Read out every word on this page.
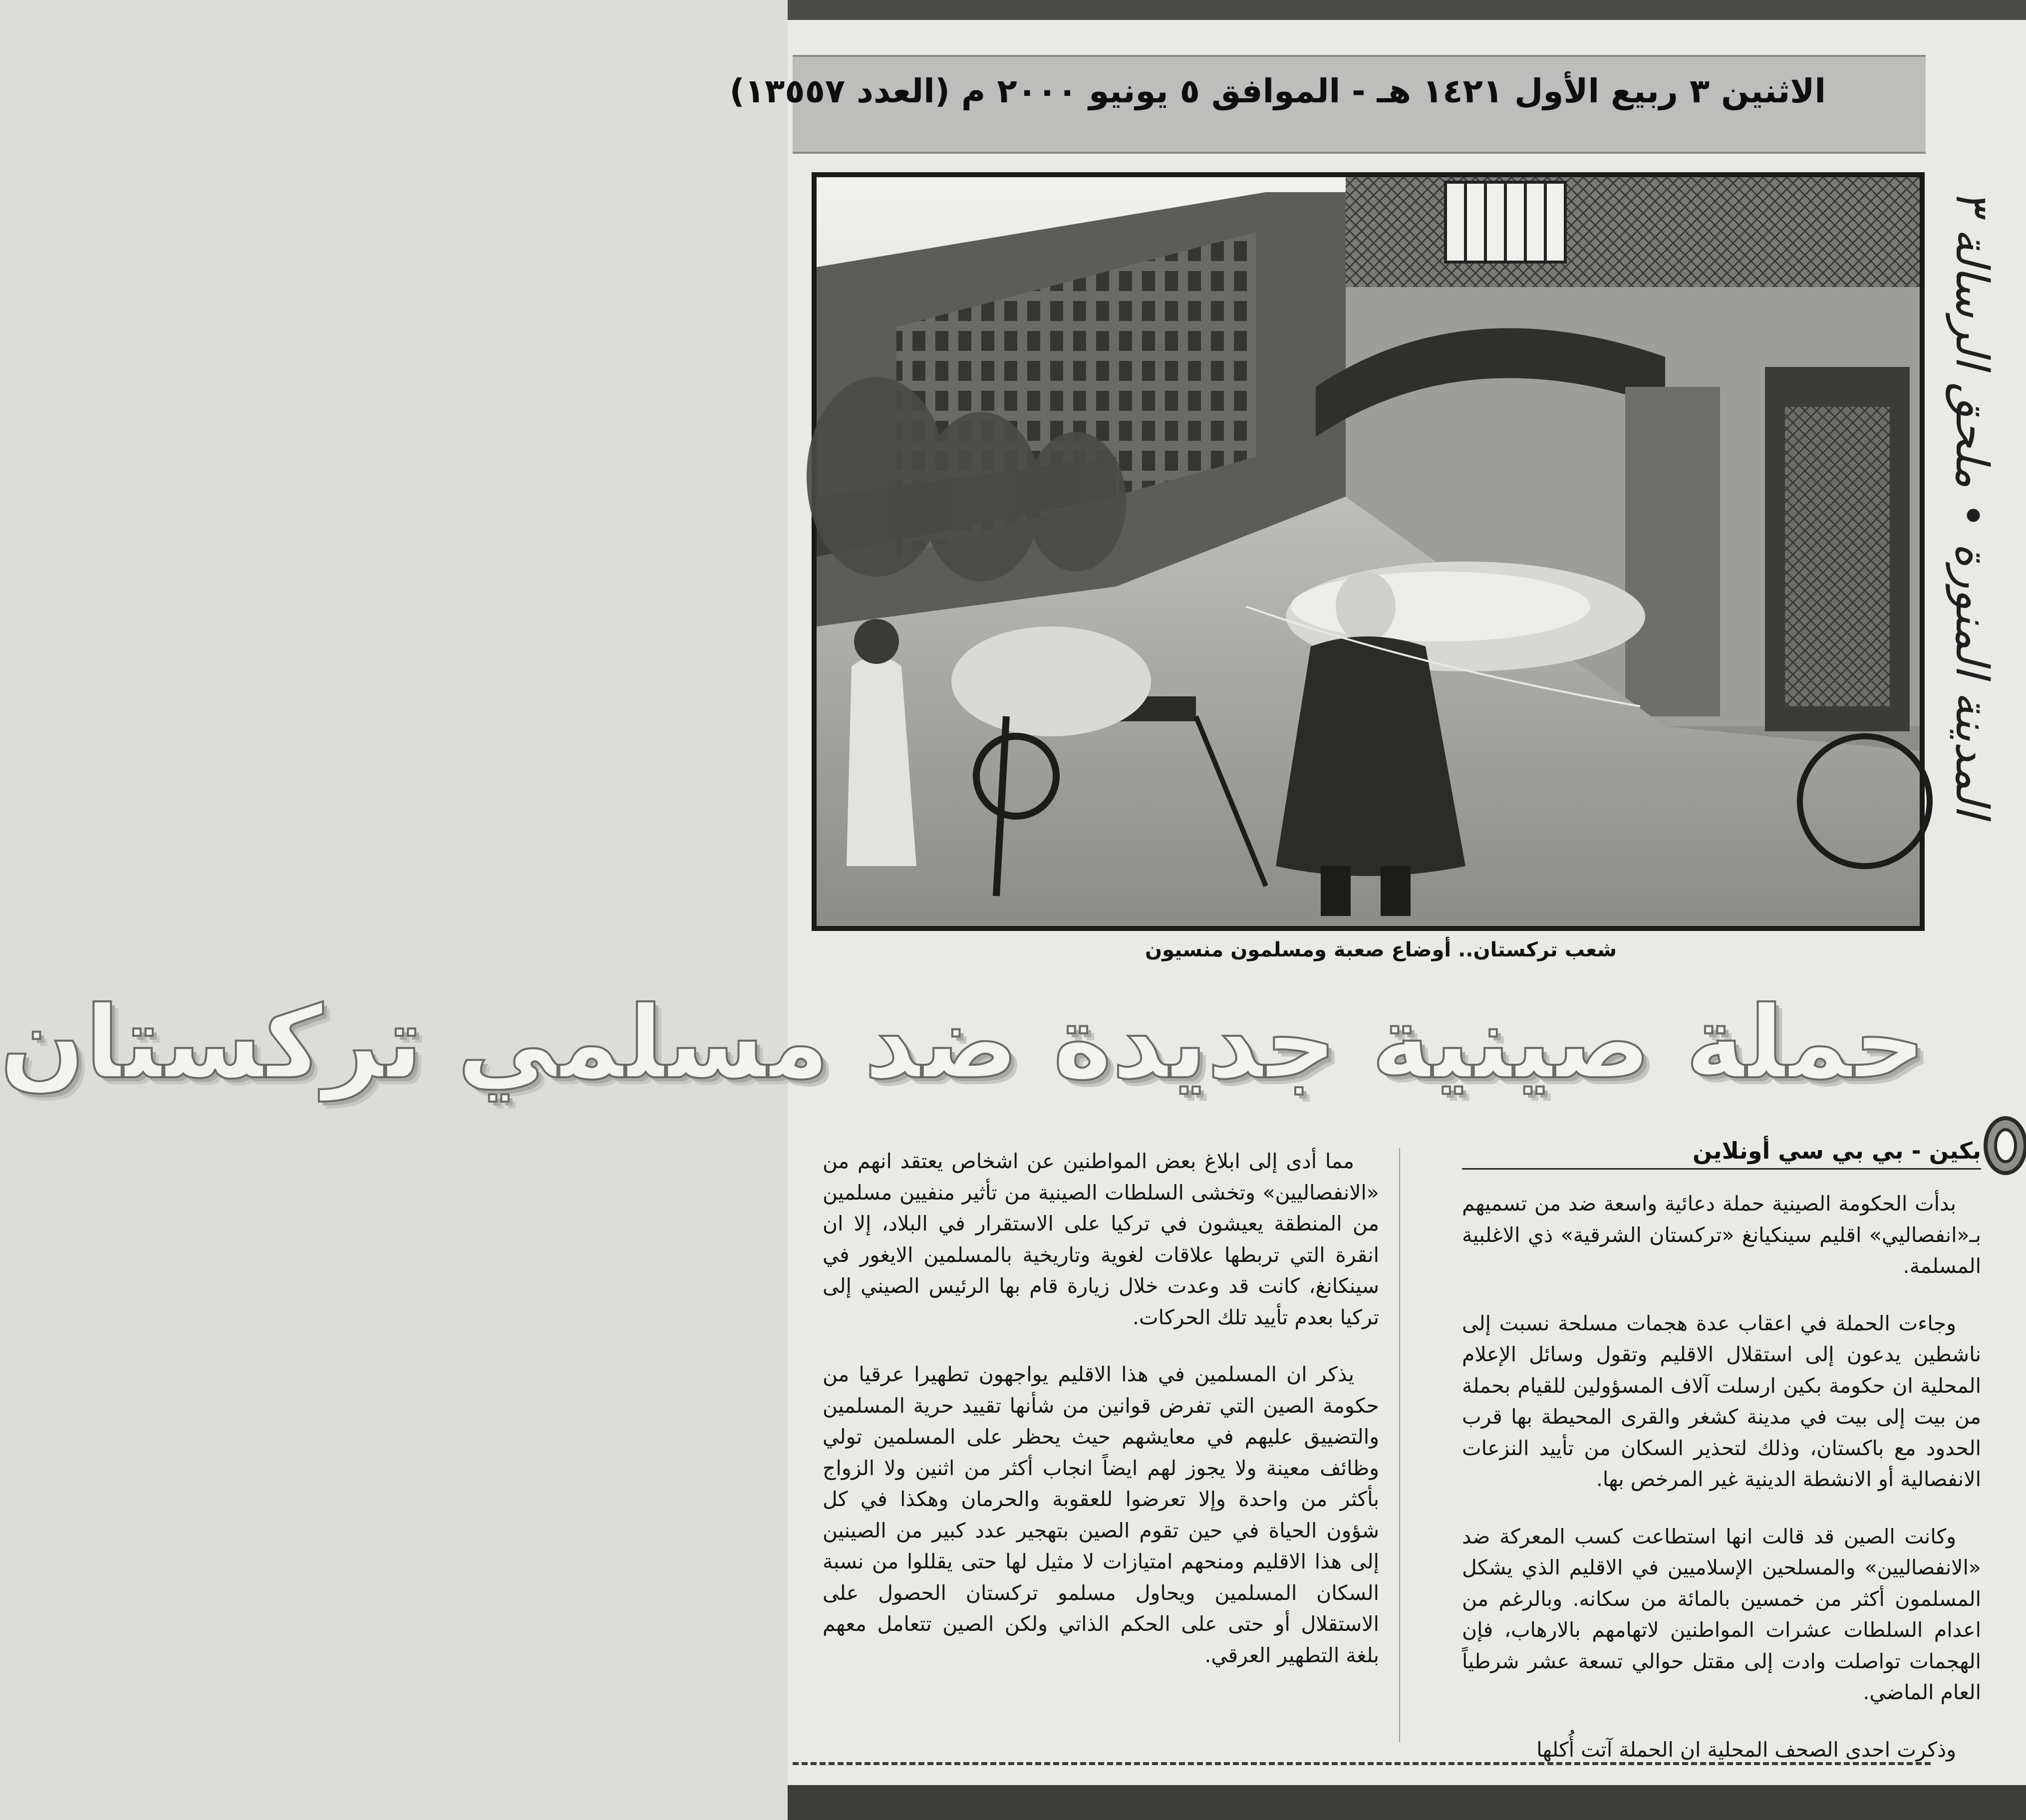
الاثنين ٣ ربيع الأول ١٤٢١ هـ - الموافق ٥ يونيو ٢٠٠٠ م (العدد ١٣٥٥٧)
شعب تركستان.. أوضاع صعبة ومسلمون منسيون
حملة صينية جديدة ضد مسلمي تركستان
بكين - بي بي سي أونلاين

بدأت الحكومة الصينية حملة دعائية واسعة ضد من تسميهم بـ«انفصاليي» اقليم سينكيانغ «تركستان الشرقية» ذي الاغلبية المسلمة.

وجاءت الحملة في اعقاب عدة هجمات مسلحة نسبت إلى ناشطين يدعون إلى استقلال الاقليم وتقول وسائل الإعلام المحلية ان حكومة بكين ارسلت آلاف المسؤولين للقيام بحملة من بيت إلى بيت في مدينة كشغر والقرى المحيطة بها قرب الحدود مع باكستان، وذلك لتحذير السكان من تأييد النزعات الانفصالية أو الانشطة الدينية غير المرخص بها.

وكانت الصين قد قالت انها استطاعت كسب المعركة ضد «الانفصاليين» والمسلحين الإسلاميين في الاقليم الذي يشكل المسلمون أكثر من خمسين بالمائة من سكانه. وبالرغم من اعدام السلطات عشرات المواطنين لاتهامهم بالارهاب، فإن الهجمات تواصلت وادت إلى مقتل حوالي تسعة عشر شرطياً العام الماضي.

وذكرت احدى الصحف المحلية ان الحملة آتت أُكلها

مما أدى إلى ابلاغ بعض المواطنين عن اشخاص يعتقد انهم من «الانفصاليين» وتخشى السلطات الصينية من تأثير منفيين مسلمين من المنطقة يعيشون في تركيا على الاستقرار في البلاد، إلا ان انقرة التي تربطها علاقات لغوية وتاريخية بالمسلمين الايغور في سينكانغ، كانت قد وعدت خلال زيارة قام بها الرئيس الصيني إلى تركيا بعدم تأييد تلك الحركات.

يذكر ان المسلمين في هذا الاقليم يواجهون تطهيرا عرقيا من حكومة الصين التي تفرض قوانين من شأنها تقييد حرية المسلمين والتضييق عليهم في معايشهم حيث يحظر على المسلمين تولي وظائف معينة ولا يجوز لهم ايضاً انجاب أكثر من اثنين ولا الزواج بأكثر من واحدة وإلا تعرضوا للعقوبة والحرمان وهكذا في كل شؤون الحياة في حين تقوم الصين بتهجير عدد كبير من الصينين إلى هذا الاقليم ومنحهم امتيازات لا مثيل لها حتى يقللوا من نسبة السكان المسلمين ويحاول مسلمو تركستان الحصول على الاستقلال أو حتى على الحكم الذاتي ولكن الصين تتعامل معهم بلغة التطهير العرقي.

المدينة المنورة • ملحق الرسالة ٣
